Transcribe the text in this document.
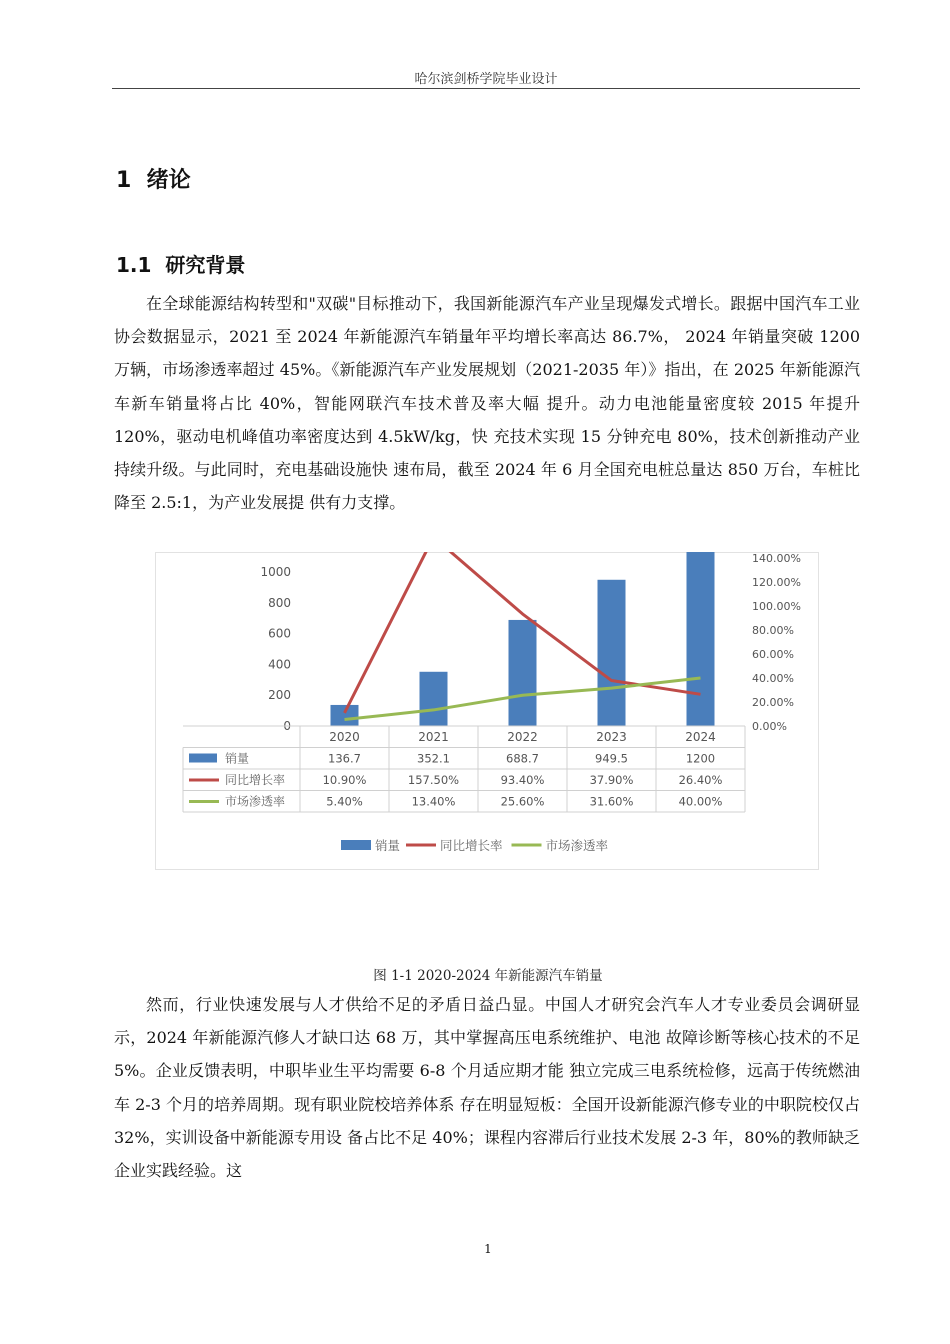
哈尔滨剑桥学院毕业设计
1 绪论
1.1 研究背景

在全球能源结构转型和"双碳"目标推动下，我国新能源汽车产业呈现爆发式增长。跟据中国汽车工业协会数据显示，2021 至 2024 年新能源汽车销量年平均增长率高达 86.7%， 2024 年销量突破 1200 万辆，市场渗透率超过 45%。《新能源汽车产业发展规划（2021-2035 年）》指出，在 2025 年新能源汽车新车销量将占比 40%，智能网联汽车技术普及率大幅 提升。动力电池能量密度较 2015 年提升 120%，驱动电机峰值功率密度达到 4.5kW/kg，快 充技术实现 15 分钟充电 80%，技术创新推动产业持续升级。与此同时，充电基础设施快 速布局，截至 2024 年 6 月全国充电桩总量达 850 万台，车桩比降至 2.5:1，为产业发展提 供有力支撑。

0
200
400
600
800
1000
0.00%
20.00%
40.00%
60.00%
80.00%
100.00%
120.00%
140.00%
2020	2021	2022	2023	2024
销量	136.7	352.1	688.7	949.5	1200
同比增长率	10.90%	157.50%	93.40%	37.90%	26.40%
市场渗透率	5.40%	13.40%	25.60%	31.60%	40.00%
销量	同比增长率	市场渗透率
图 1-1 2020-2024 年新能源汽车销量

然而，行业快速发展与人才供给不足的矛盾日益凸显。中国人才研究会汽车人才专业委员会调研显示，2024 年新能源汽修人才缺口达 68 万，其中掌握高压电系统维护、电池 故障诊断等核心技术的不足 5%。企业反馈表明，中职毕业生平均需要 6-8 个月适应期才能 独立完成三电系统检修，远高于传统燃油车 2-3 个月的培养周期。现有职业院校培养体系 存在明显短板：全国开设新能源汽修专业的中职院校仅占 32%，实训设备中新能源专用设 备占比不足 40%；课程内容滞后行业技术发展 2-3 年，80%的教师缺乏企业实践经验。这

1
